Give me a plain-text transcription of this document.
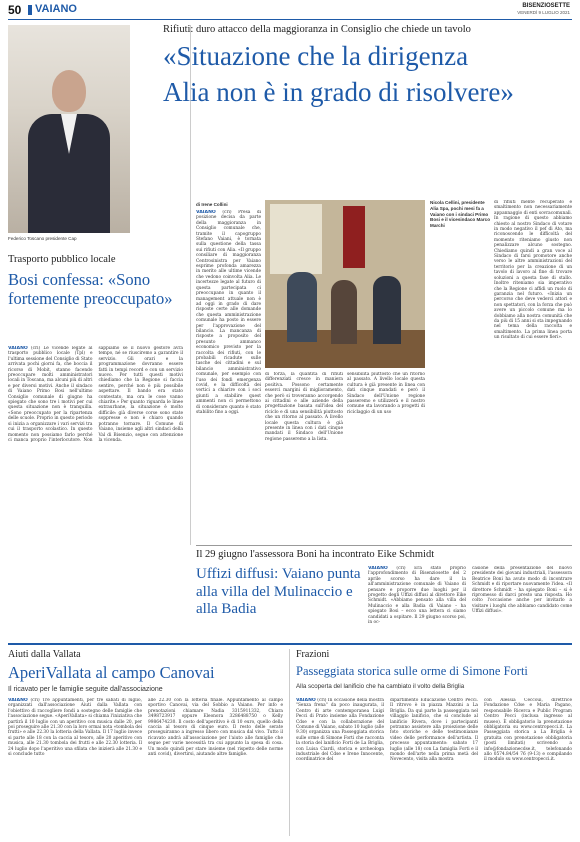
50 VAIANO	BISENZIOSETTE
VENERDÌ 9 LUGLIO 2021
Federico Toscano presidente Cap
Trasporto pubblico locale
Bosi confessa: «Sono fortemente preoccupato»
VAIANO (cri) Le vicende legate al trasporto pubblico locale (Tpl) e l'ultima sessione del Consiglio di Stato arrivata pochi giorni fa, che boccia il ricorso di Mobit, stanno facendo preoccupare molti amministratori locali in Toscana, ma alcuni più di altri e per diversi motivi. Anche il sindaco di Vaiano Primo Bosi nell'ultimo Consiglio comunale di giugno ha spiegato che sono tre i motivi per cui questa situazione non è tranquilla. «Sono preoccupato per la ripartenza delle scuole. Proprio in questo periodo si inizia a organizzare i vari servizi tra cui il trasporto scolastico. In questo momento non possiamo farlo perché ci manca proprio l'interlocutore. Non sappiamo se il nuovo gestore avrà tempo, né se riusciremo a garantire il servizio. Gli orari e la programmazione dovranno essere fatti in tempi record e con un servizio nuovo. Per tutti questi motivi chiediamo che la Regione si faccia sentire, perché non è più possibile aspettare. Il bando era stato contestato, ma ora le cose vanno chiarite.» Per quanto riguarda le linee extraurbane, la situazione è molto difficile: già diverse corse sono state soppresse e non è chiaro quando potranno tornare. Il Comune di Vaiano, insieme agli altri sindaci della Val di Bisenzio, segue con attenzione la vicenda.
Rifiuti: duro attacco della maggioranza in Consiglio che chiede un tavolo
«Situazione che la dirigenza
Alia non è in grado di risolvere»
di Irene Collini
VAIANO (cri) Presa di posizione decisa da parte della maggioranza in Consiglio comunale che, tramite il capogruppo Stefano Vaiani, è tornata sulla questione della tassa sui rifiuti con Alia. «Il gruppo consiliare di maggioranza Centrosinistra per Vaiano esprime profonda amarezza in merito alle ultime vicende che vedono coinvolta Alia. Le incertezze legate al futuro di questa partecipata ci preoccupano in quanto il management attuale non è ad oggi in grado di dare risposte certe alle domande che questa amministrazione comunale ha posto in essere per l'approvazione del bilancio. La mancanza di risposte a proposito del presunto ammanco economico previsto per la raccolta dei rifiuti, con le probabili ricadute sulle tasche dei cittadini e sul bilancio amministrativo comunale, per esempio con l'uso dei fondi emergenza covid, e la difficoltà dei vertici a chiarire con i soci giunti a stabilire quest ammenti non ci permettono di considerare quanto è stato stabilito fino a oggi.
di forza, la quantità di rifiuti differenziati cresce in maniera positiva. Possono certamente esserci margini di miglioramento, che però si troveranno accorgendo ai cittadini e alle aziende della progettazione basata sull'idea del riciclo e di una sensibilità piuttosto che un ritorno al passato. A livello locale questa cultura è già presente in linea con i dati cinque mandati il Sindaco dell'Unione regione passeremo a la lista.
sensibilità piuttosto che un ritorno al passato. A livello locale questa cultura è già presente in linea con dati cinque mandati e però il Sindaco dell'Unione regione passeremo e utilizzerà e il nostro comune sta lavorando a progetti di riciclaggio di un uso
Nicola Cellini, presidente Alia Spa, pochi mesi fa a Vaiano con i sindaci Primo Bosi e il vicesindaco Marco Marchi
di rifiuti mente recuperato e smaltimento non necessariamente appannaggio di enti sovracomunali. In ragione di questo abbiamo chiesto al nostro Sindaco di votare in modo negativo il pef di Ato, ma riconoscendo le difficoltà del momento riteniamo giusto non penalizzare alcuno sostegno. Chiediamo quindi a gran voce al Sindaco di farsi promotore anche verso le altre amministrazioni del territorio per la creazione di un tavolo di lavoro al fine di trovare soluzioni a questa fase di stallo. Inoltre riteniamo sia imperativo che la Regione ci affidi un ruolo di garanzia nel futuro. «Inizia un percorso che deve vederci attori e non spettatori, con la forza che può avere un piccolo comune ma lo dobbiamo alla nostra comunità che da più di 15 anni si sta impegnando nel tema della raccolta e smaltimento. La prima linea porta un risultato di cui essere fieri».
Il 29 giugno l'assessora Boni ha incontrato Eike Schmidt
Uffizi diffusi: Vaiano punta alla villa del Mulinaccio e alla Badia
VAIANO (cri) Era stato proprio l'approfondimento di Bisenziosette del 2 aprile scorso ha dare il la all'amministrazione comunale di Vaiano di pensare e proporre due luoghi per il progetto degli Uffizi diffusi al direttore Eike Schmidt. «Abbiamo pensato alla villa del Mulinaccio e alla Badia di Vaiano – ha spiegato Bosi – ecco una lettera ci siamo candidati a ospitare. Il 29 giugno scorso poi, in oc-
casione della presentazione del nuovo presidente dei giovani industriali, l'assessora Beatrice Boni ha avuto modo di incontrare Schmidt e di riportare nuovamente l'idea. «Il direttore Schmidt – ha spiegato Boni – si è ripromesso di darci presto una risposta. Ho colto l'occasione anche per invitarlo a visitare i luoghi che abbiamo candidato come Uffizi diffusi».
Aiuti dalla Vallata
AperiVallata al campo Canovai
Il ricavato per le famiglie seguite dall'associazione
VAIANO (cri) Tre appuntamenti, per tre sabati di luglio, organizzati dall'associazione Aiuti dalla Vallata con l'obiettivo di raccogliere fondi a sostegno delle famiglie che l'associazione segue. «AperiVallata» si chiama l'iniziativa che partirà il 10 luglio con un aperitivo con musica dalle 20, per poi proseguire alle 21.30 con la loro ormai nota «tombola dei frutti» e alle 22.30 la lotteria della Vallata. Il 17 luglio invece si parte alle 18 con la caccia al tesoro, alle 20 aperitivo con musica, alle 21.30 tombola dei frutti e alle 22.30 lotteria. Il 24 luglio dopo l'aperitivo una sfilata che inizierà alle 21.30 e si conclude tutto
alle 22.30 con la lotteria finale. Appuntamento al campo sportivo Canovai, via del Sobbio a Vaiano. Per info e prenotazioni chiamare Nadia 3315911332, Chiara 3498723917 oppure Eleonora 3286488750 o Kelly 9986474230. Il costo dell'aperitivo è di 10 euro, quello della caccia al tesoro di cinque euro. Il resto delle serate proseguiranno a ingresso libero con musica dal vivo. Tutto il ricavato andrà all'associazione per l'aiuto alle famiglie che segue per varie necessità tra cui appunto la spesa di cosa. Un modo quindi per stare insieme (nel rispetto delle norme anti covid), divertirsi, aiutando altre famiglie.
Frazioni
Passeggiata storica sulle orme di Simone Forti
Alla scoperta del lanificio che ha cambiato il volto della Briglia
VAIANO (cri) In occasione della mostra "Senza frena" da poco inaugurata, il Centro di arte contemporanea Luigi Pecci di Prato insieme alla Fondazione Cdse e con la collaborazione del Comune di Vaiano, sabato 10 luglio (alle 9.30) organizza una Passeggiata storica sulle orme di Simone Forti che racconta la storia del lanificio Forti de La Briglia, con Luisa Ciardi, storica e archeologa industriale del Cdse e Irene Innocente, coordinatrice del
dipartimento Educazione Centro Pecci. Il ritrovo è in piazza Mazzini a La Briglia. Da qui parte la passeggiata nel villaggio lanificio, che si conclude al lanificio Rivera, dove i partecipanti potranno assistere alla proiezione delle foto storiche e delle testimonianze video delle performance dell'artista. Il processo appuntamento: sabato 17 luglio (alle 18) con La famiglia Forti e il mondo dell'arte nella prima metà del Novecento, visita alla mostra
con Alessia Ceccoui, direttrice Fondazione Cdse e Maria Pagano, responsabile Ricerca e Public Program Centro Pecci (inclusa ingresso al museo). È obbligatorio la prenotazione obbligatoria su www.centropecci.it. La Passeggiata storica a La Briglia è gratuita con prenotazione obbligatoria (posti limitati) scrivendo a info@fondazionecdse.it, telefonando allo 0574.84/54 76 (9-13) e compilando il modulo su www.centropecci.it.
